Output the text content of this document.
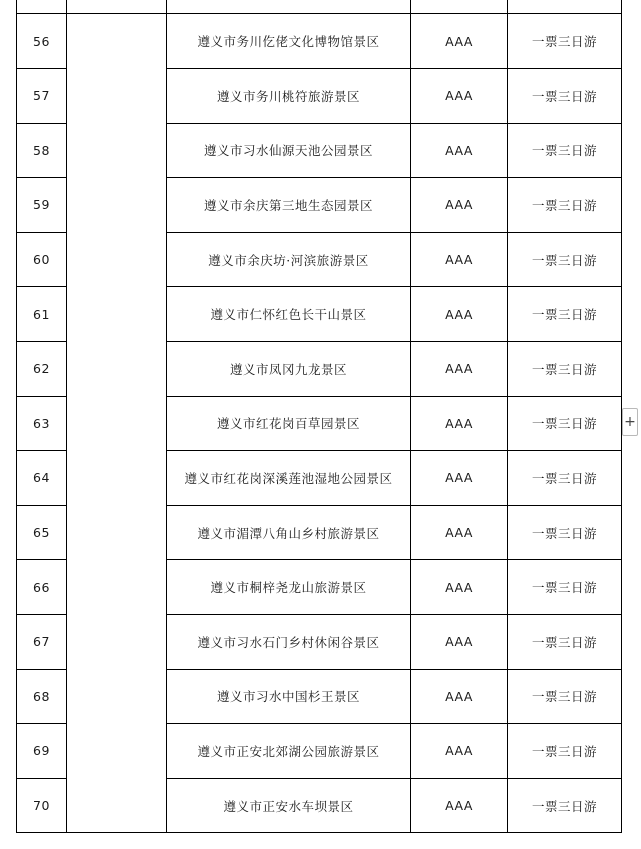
56		遵义市务川仡佬文化博物馆景区	AAA	一票三日游
57		遵义市务川桃符旅游景区	AAA	一票三日游
58		遵义市习水仙源天池公园景区	AAA	一票三日游
59		遵义市余庆第三地生态园景区	AAA	一票三日游
60		遵义市余庆坊·河滨旅游景区	AAA	一票三日游
61		遵义市仁怀红色长干山景区	AAA	一票三日游
62		遵义市凤冈九龙景区	AAA	一票三日游
63		遵义市红花岗百草园景区	AAA	一票三日游
64		遵义市红花岗深溪莲池湿地公园景区	AAA	一票三日游
65		遵义市湄潭八角山乡村旅游景区	AAA	一票三日游
66		遵义市桐梓尧龙山旅游景区	AAA	一票三日游
67		遵义市习水石门乡村休闲谷景区	AAA	一票三日游
68		遵义市习水中国杉王景区	AAA	一票三日游
69		遵义市正安北郊湖公园旅游景区	AAA	一票三日游
70		遵义市正安水车坝景区	AAA	一票三日游
+
